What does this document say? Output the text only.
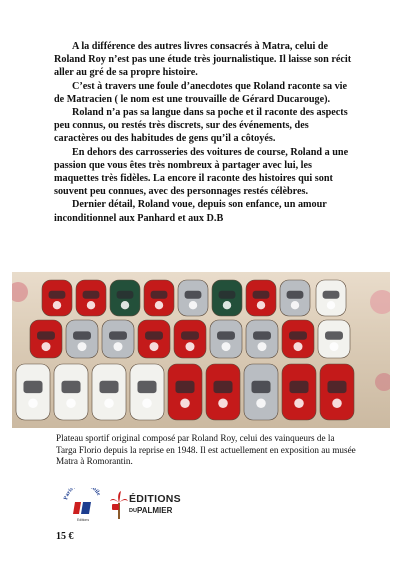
A la différence des autres livres consacrés à Matra, celui de Roland Roy n’est pas une étude très journalistique. Il laisse son récit aller au gré de sa propre histoire.

C’est à travers une foule d’anecdotes que Roland raconte sa vie de Matracien ( le nom est une trouvaille de Gérard Ducarouge).

Roland n’a pas sa langue dans sa poche et il raconte des aspects peu connus, ou restés très discrets, sur des événements, des caractères ou des habitudes de gens qu’il a côtoyés.

En dehors des carrosseries des voitures de course, Roland a une passion que vous êtes très nombreux à partager avec lui, les maquettes très fidèles. La encore il raconte des histoires qui sont souvent peu connues, avec des personnages restés célèbres.

Dernier détail, Roland voue, depuis son enfance, un amour inconditionnel aux Panhard et aux D.B

Plateau sportif original composé par Roland Roy, celui des vainqueurs de la Targa Florio depuis la reprise en 1948. Il est actuellement en exposition au musée Matra à Romorantin.

Paris bile
Editions
ÉDITIONS
DUPALMIER
15 €
